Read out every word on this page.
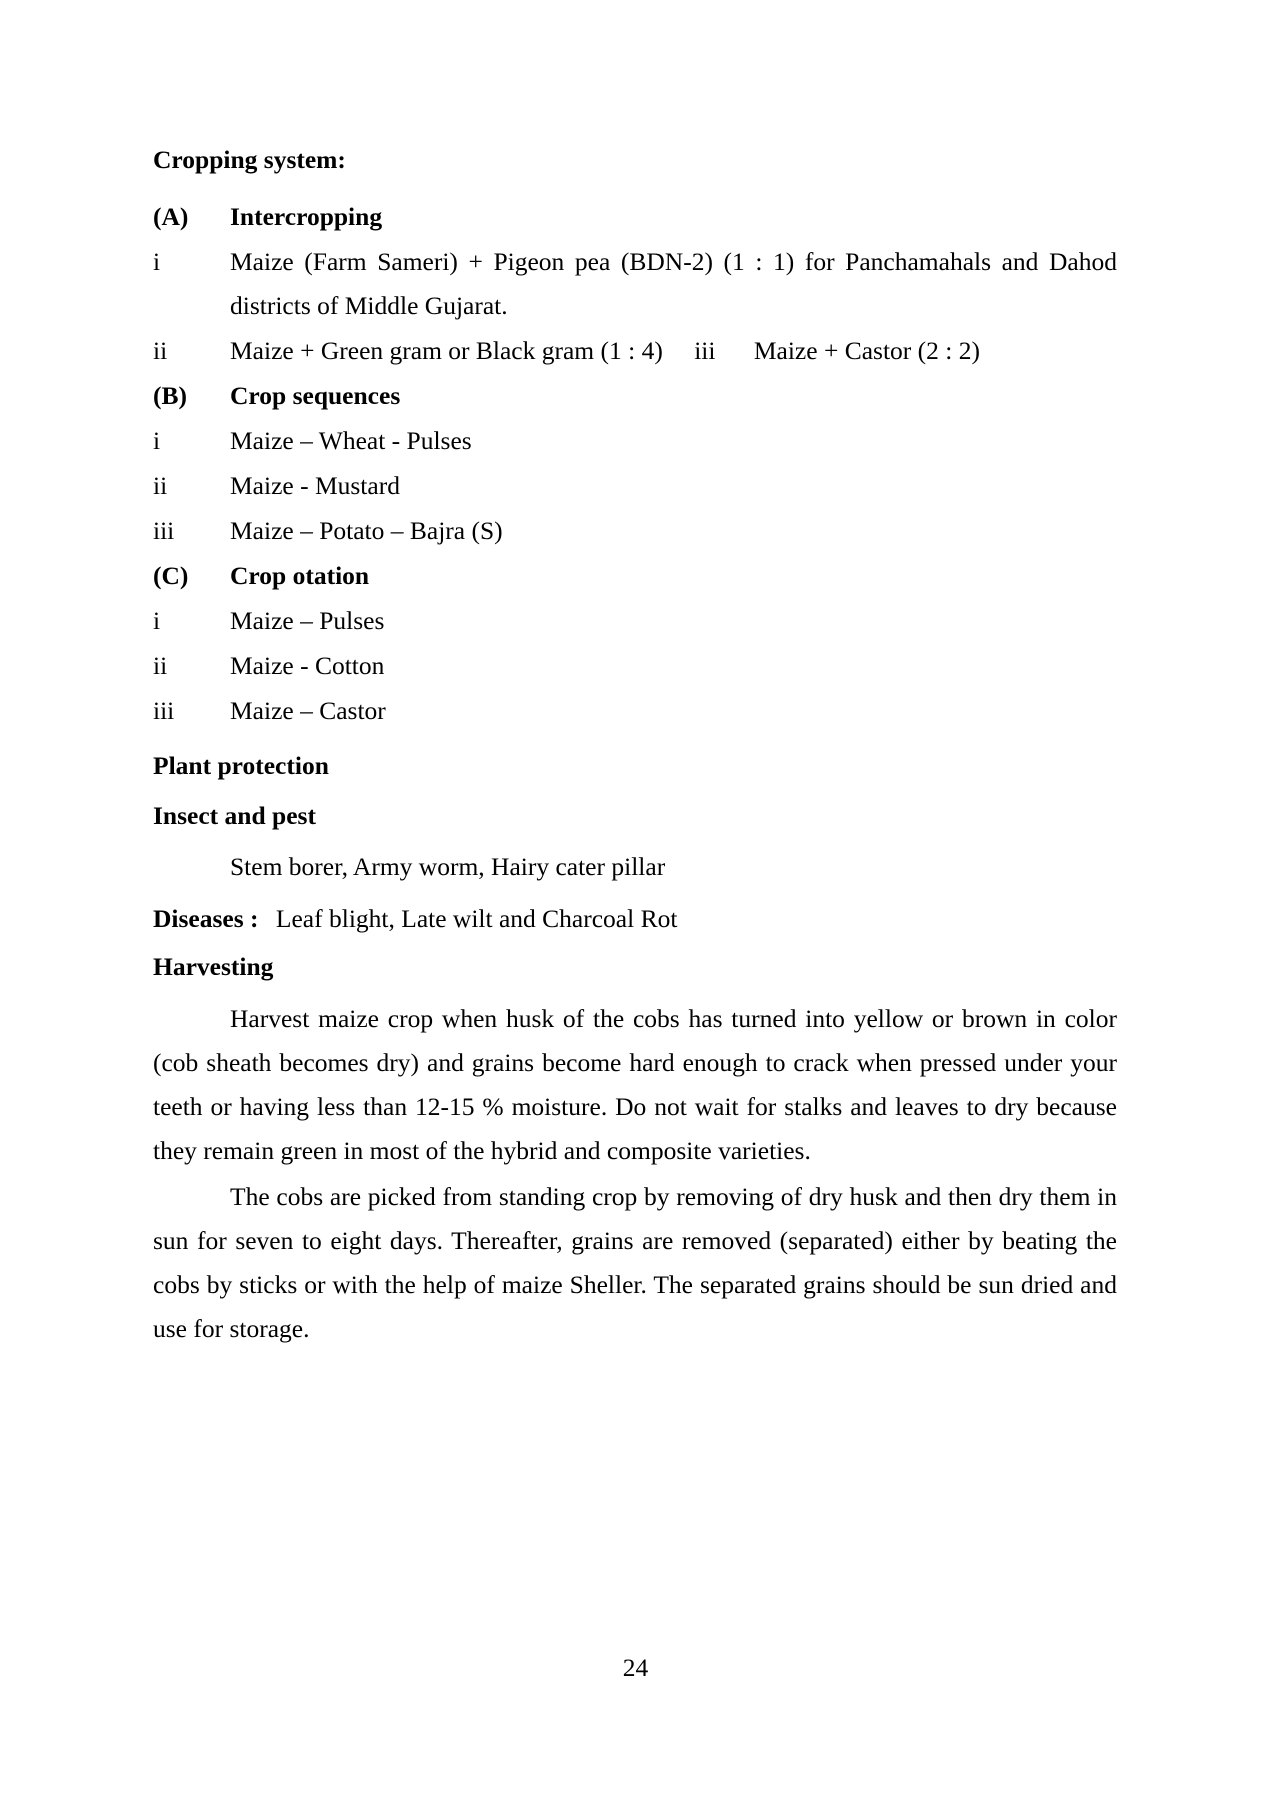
Cropping system:
(A) Intercropping
i	Maize (Farm Sameri) + Pigeon pea (BDN-2) (1 : 1) for Panchamahals and Dahod districts of Middle Gujarat.
ii Maize + Green gram or Black gram (1 : 4) iii Maize + Castor (2 : 2)
(B) Crop sequences
i	Maize – Wheat - Pulses
ii Maize - Mustard
iii Maize – Potato – Bajra (S)
(C) Crop otation
i	Maize – Pulses
ii Maize - Cotton
iii Maize – Castor
Plant protection
Insect and pest
Stem borer, Army worm, Hairy cater pillar
Diseases : Leaf blight, Late wilt and Charcoal Rot
Harvesting

Harvest maize crop when husk of the cobs has turned into yellow or brown in color (cob sheath becomes dry) and grains become hard enough to crack when pressed under your teeth or having less than 12-15 % moisture. Do not wait for stalks and leaves to dry because they remain green in most of the hybrid and composite varieties.

The cobs are picked from standing crop by removing of dry husk and then dry them in sun for seven to eight days. Thereafter, grains are removed (separated) either by beating the cobs by sticks or with the help of maize Sheller. The separated grains should be sun dried and use for storage.

24
